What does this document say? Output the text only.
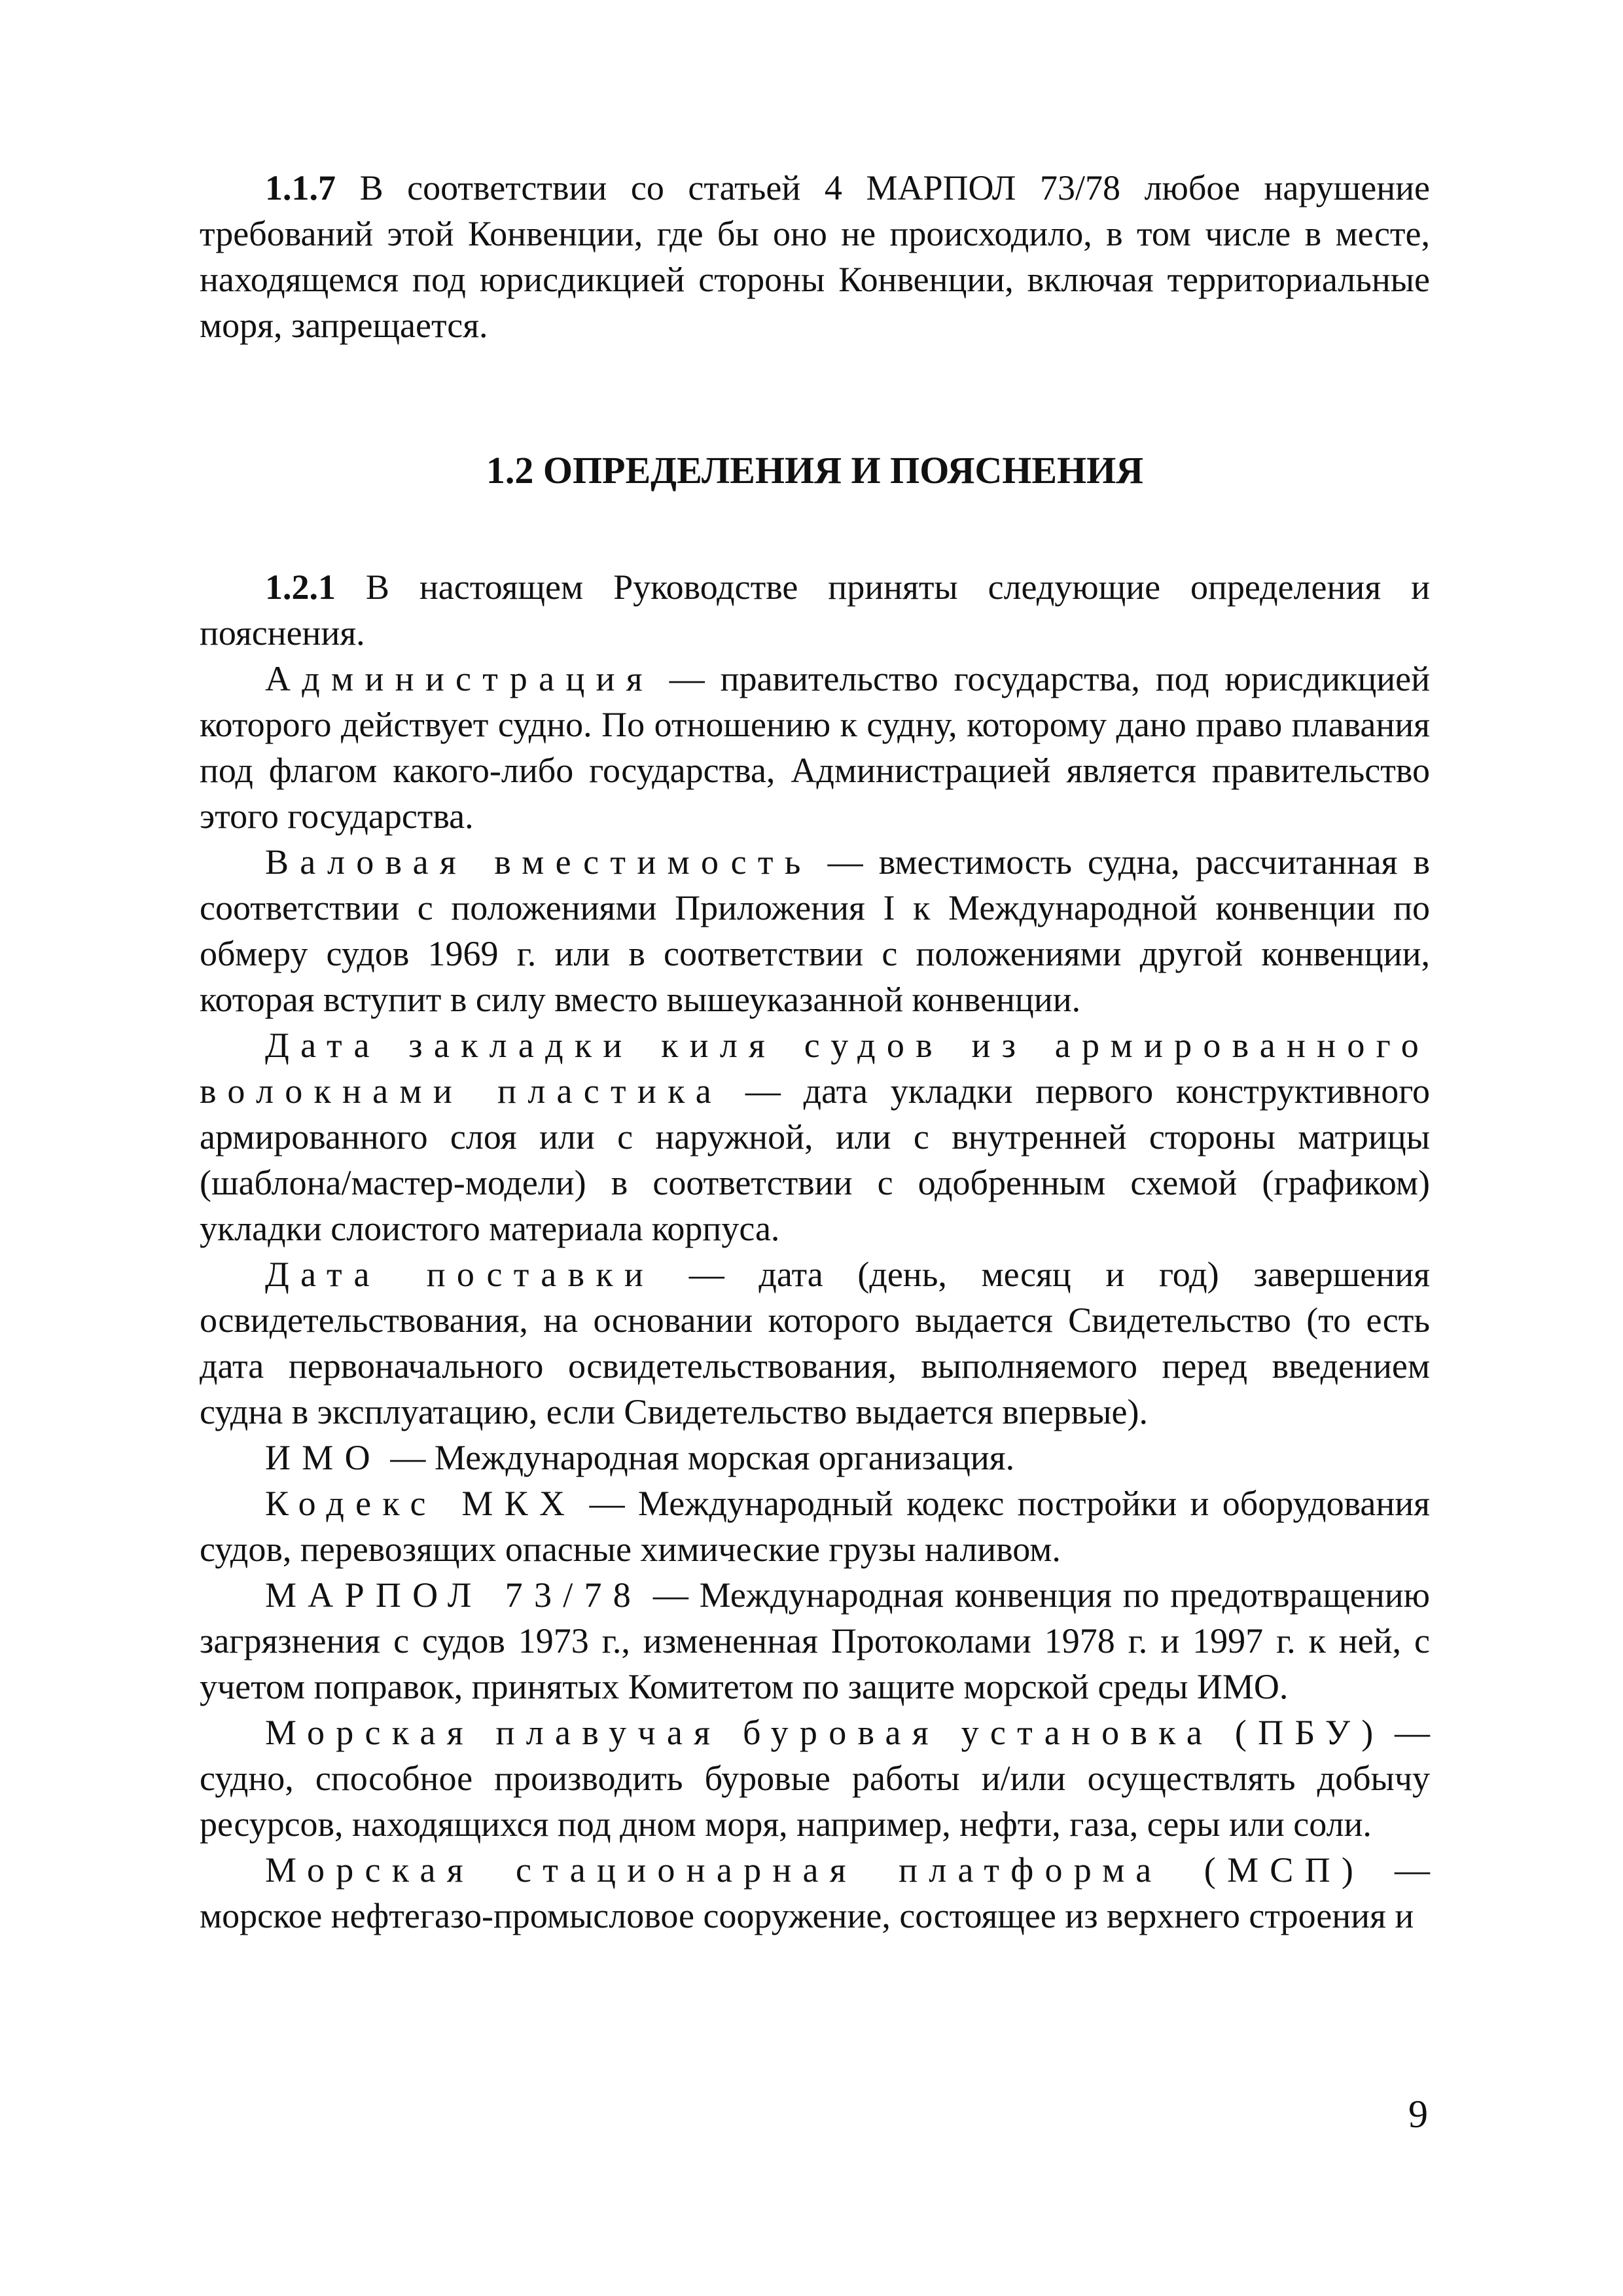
1.1.7 В соответствии со статьей 4 МАРПОЛ 73/78 любое нарушение требований этой Конвенции, где бы оно не происходило, в том числе в месте, находящемся под юрисдикцией стороны Конвенции, включая территориальные моря, запрещается.

1.2 ОПРЕДЕЛЕНИЯ И ПОЯСНЕНИЯ

1.2.1 В настоящем Руководстве приняты следующие определения и пояснения.

Администрация — правительство государства, под юрисдикцией которого действует судно. По отношению к судну, которому дано право плавания под флагом какого-либо государства, Администрацией является правительство этого государства.

Валовая вместимость — вместимость судна, рассчитанная в соответствии с положениями Приложения I к Международной конвенции по обмеру судов 1969 г. или в соответствии с положениями другой конвенции, которая вступит в силу вместо вышеуказанной конвенции.

Дата закладки киля судов из армированного волокнами пластика — дата укладки первого конструктивного армированного слоя или с наружной, или с внутренней стороны матрицы (шаблона/мастер-модели) в соответствии с одобренным схемой (графиком) укладки слоистого материала корпуса.

Дата поставки — дата (день, месяц и год) завершения освидетельствования, на основании которого выдается Свидетельство (то есть дата первоначального освидетельствования, выполняемого перед введением судна в эксплуатацию, если Свидетельство выдается впервые).

ИМО — Международная морская организация.

Кодекс МКХ — Международный кодекс постройки и оборудования судов, перевозящих опасные химические грузы наливом.

МАРПОЛ 73/78 — Международная конвенция по предотвращению загрязнения с судов 1973 г., измененная Протоколами 1978 г. и 1997 г. к ней, с учетом поправок, принятых Комитетом по защите морской среды ИМО.

Морская плавучая буровая установка (ПБУ) — судно, способное производить буровые работы и/или осуществлять добычу ресурсов, находящихся под дном моря, например, нефти, газа, серы или соли.

Морская стационарная платформа (МСП) — морское нефтегазо-промысловое сооружение, состоящее из верхнего строения и

9
